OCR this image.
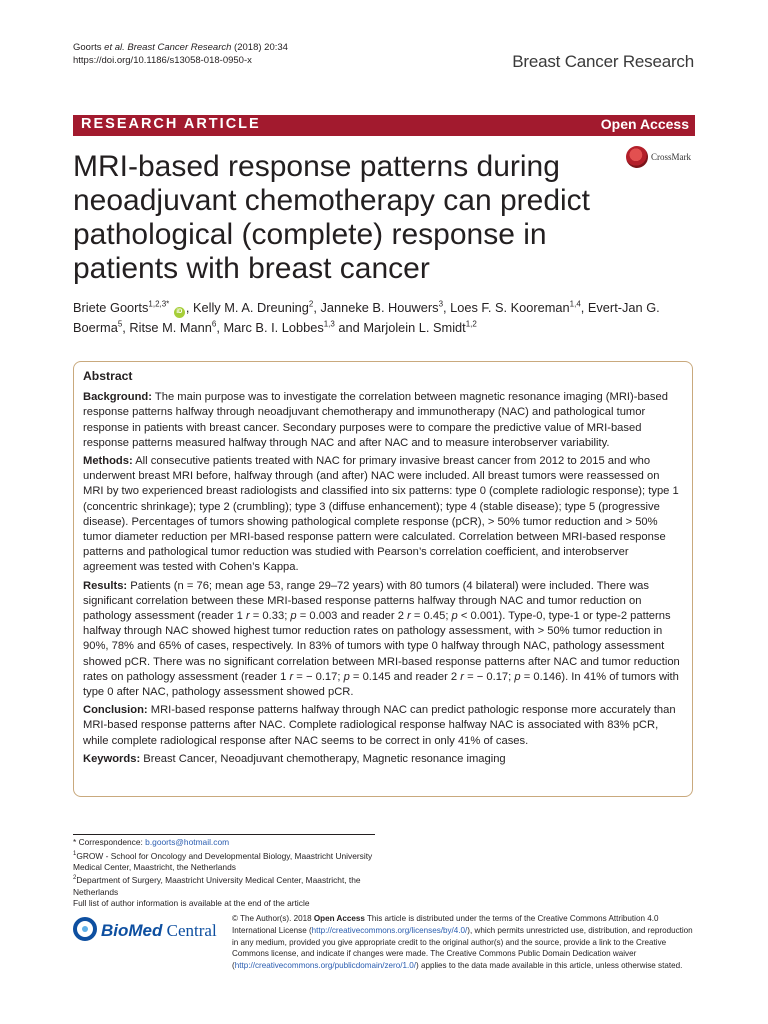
Goorts et al. Breast Cancer Research (2018) 20:34
https://doi.org/10.1186/s13058-018-0950-x	Breast Cancer Research
RESEARCH ARTICLE	Open Access
MRI-based response patterns during neoadjuvant chemotherapy can predict pathological (complete) response in patients with breast cancer
CrossMark
Briete Goorts$^{1,2,3*}$ iD , Kelly M. A. Dreuning$^2$, Janneke B. Houwers$^3$, Loes F. S. Kooreman$^{1,4}$, Evert-Jan G. Boerma$^5$, Ritse M. Mann$^6$, Marc B. I. Lobbes$^{1,3}$ and Marjolein L. Smidt$^{1,2}$
Abstract

Background: The main purpose was to investigate the correlation between magnetic resonance imaging (MRI)-based response patterns halfway through neoadjuvant chemotherapy and immunotherapy (NAC) and pathological tumor response in patients with breast cancer. Secondary purposes were to compare the predictive value of MRI-based response patterns measured halfway through NAC and after NAC and to measure interobserver variability.

Methods: All consecutive patients treated with NAC for primary invasive breast cancer from 2012 to 2015 and who underwent breast MRI before, halfway through (and after) NAC were included. All breast tumors were reassessed on MRI by two experienced breast radiologists and classified into six patterns: type 0 (complete radiologic response); type 1 (concentric shrinkage); type 2 (crumbling); type 3 (diffuse enhancement); type 4 (stable disease); type 5 (progressive disease). Percentages of tumors showing pathological complete response (pCR), > 50% tumor reduction and > 50% tumor diameter reduction per MRI-based response pattern were calculated. Correlation between MRI-based response patterns and pathological tumor reduction was studied with Pearson’s correlation coefficient, and interobserver agreement was tested with Cohen’s Kappa.

Results: Patients (n = 76; mean age 53, range 29–72 years) with 80 tumors (4 bilateral) were included. There was significant correlation between these MRI-based response patterns halfway through NAC and tumor reduction on pathology assessment (reader 1 r = 0.33; p = 0.003 and reader 2 r = 0.45; p < 0.001). Type-0, type-1 or type-2 patterns halfway through NAC showed highest tumor reduction rates on pathology assessment, with > 50% tumor reduction in 90%, 78% and 65% of cases, respectively. In 83% of tumors with type 0 halfway through NAC, pathology assessment showed pCR. There was no significant correlation between MRI-based response patterns after NAC and tumor reduction rates on pathology assessment (reader 1 r = − 0.17; p = 0.145 and reader 2 r = − 0.17; p = 0.146). In 41% of tumors with type 0 after NAC, pathology assessment showed pCR.

Conclusion: MRI-based response patterns halfway through NAC can predict pathologic response more accurately than MRI-based response patterns after NAC. Complete radiological response halfway NAC is associated with 83% pCR, while complete radiological response after NAC seems to be correct in only 41% of cases.

Keywords: Breast Cancer, Neoadjuvant chemotherapy, Magnetic resonance imaging

* Correspondence: b.goorts@hotmail.com

$^1$GROW - School for Oncology and Developmental Biology, Maastricht University Medical Center, Maastricht, the Netherlands

$^2$Department of Surgery, Maastricht University Medical Center, Maastricht, the Netherlands

Full list of author information is available at the end of the article

BioMed Central
© The Author(s). 2018 Open Access This article is distributed under the terms of the Creative Commons Attribution 4.0 International License (http://creativecommons.org/licenses/by/4.0/), which permits unrestricted use, distribution, and reproduction in any medium, provided you give appropriate credit to the original author(s) and the source, provide a link to the Creative Commons license, and indicate if changes were made. The Creative Commons Public Domain Dedication waiver (http://creativecommons.org/publicdomain/zero/1.0/) applies to the data made available in this article, unless otherwise stated.
